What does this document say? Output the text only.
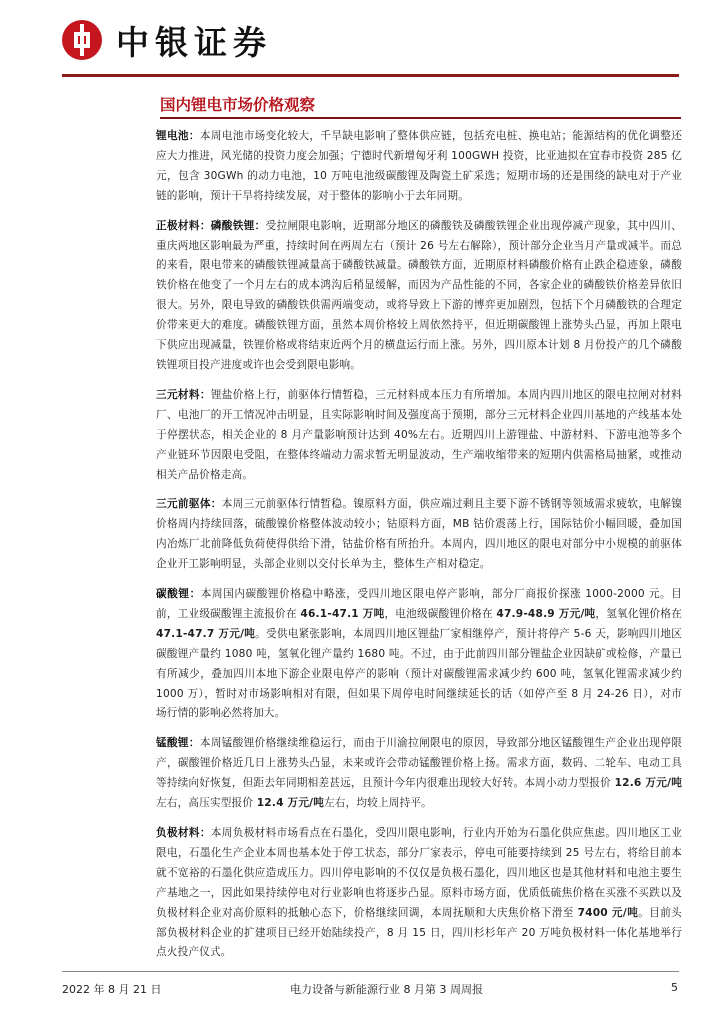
中银证券
国内锂电市场价格观察

锂电池：本周电池市场变化较大，千旱缺电影响了整体供应链，包括充电桩、换电站；能源结构的优化调整还应大力推进，风光储的投资力度会加强；宁德时代新增匈牙利 100GWH 投资，比亚迪拟在宜春市投资 285 亿元，包含 30GWh 的动力电池，10 万吨电池级碳酸锂及陶瓷土矿采选；短期市场的还是围绕的缺电对于产业链的影响，预计干旱将持续发展，对于整体的影响小于去年同期。

正极材料：磷酸铁锂：受拉闸限电影响，近期部分地区的磷酸铁及磷酸铁锂企业出现停减产现象，其中四川、重庆两地区影响最为严重，持续时间在两周左右（预计 26 号左右解除），预计部分企业当月产量或减半。而总的来看，限电带来的磷酸铁锂减量高于磷酸铁减量。磷酸铁方面，近期原材料磷酸价格有止跌企稳迹象，磷酸铁价格在他变了一个月左右的成本鸿沟后稍显缓解，而因为产品性能的不同，各家企业的磷酸铁价格差异依旧很大。另外，限电导致的磷酸铁供需两端变动，或将导致上下游的博弈更加剧烈，包括下个月磷酸铁的合理定价带来更大的难度。磷酸铁锂方面，虽然本周价格较上周依然持平，但近期碳酸锂上涨势头凸显，再加上限电下供应出现减量，铁锂价格或将结束近两个月的横盘运行而上涨。另外，四川原本计划 8 月份投产的几个磷酸铁锂项目投产进度或许也会受到限电影响。

三元材料：锂盐价格上行，前驱体行情暂稳，三元材料成本压力有所增加。本周内四川地区的限电拉闸对材料厂、电池厂的开工情况冲击明显，且实际影响时间及强度高于预期，部分三元材料企业四川基地的产线基本处于停摆状态，相关企业的 8 月产量影响预计达到 40%左右。近期四川上游锂盐、中游材料、下游电池等多个产业链环节因限电受阻，在整体终端动力需求暂无明显波动，生产端收缩带来的短期内供需格局抽紧，或推动相关产品价格走高。

三元前驱体：本周三元前驱体行情暂稳。镍原料方面，供应端过剩且主要下游不锈钢等领域需求疲软，电解镍价格周内持续回落，硫酸镍价格整体波动较小；钴原料方面，MB 钴价震荡上行，国际钴价小幅回暖，叠加国内冶炼厂北前降低负荷使得供给下滑，钴盐价格有所抬升。本周内，四川地区的限电对部分中小规模的前驱体企业开工影响明显，头部企业则以交付长单为主，整体生产相对稳定。

碳酸锂：本周国内碳酸锂价格稳中略涨，受四川地区限电停产影响，部分厂商报价探涨 1000-2000 元。目前，工业级碳酸锂主流报价在 46.1-47.1 万吨，电池级碳酸锂价格在 47.9-48.9 万元/吨，氢氧化锂价格在 47.1-47.7 万元/吨。受供电紧张影响，本周四川地区锂盐厂家相继停产，预计将停产 5-6 天，影响四川地区碳酸锂产量约 1080 吨，氢氧化锂产量约 1680 吨。不过，由于此前四川部分锂盐企业因缺矿或检修，产量已有所减少，叠加四川本地下游企业限电停产的影响（预计对碳酸锂需求减少约 600 吨，氢氧化锂需求减少约 1000 万），暂时对市场影响相对有限，但如果下周停电时间继续延长的话（如停产至 8 月 24-26 日），对市场行情的影响必然将加大。

锰酸锂：本周锰酸锂价格继续维稳运行，而由于川渝拉闸限电的原因，导致部分地区锰酸锂生产企业出现停限产，碳酸锂价格近几日上涨势头凸显，未来或许会带动锰酸锂价格上扬。需求方面，数码、二轮车、电动工具等持续向好恢复，但距去年同期相差甚远，且预计今年内很难出现较大好转。本周小动力型报价 12.6 万元/吨左右，高压实型报价 12.4 万元/吨左右，均较上周持平。

负极材料：本周负极材料市场看点在石墨化，受四川限电影响，行业内开始为石墨化供应焦虑。四川地区工业限电，石墨化生产企业本周也基本处于停工状态，部分厂家表示，停电可能要持续到 25 号左右，将给目前本就不宽裕的石墨化供应造成压力。四川停电影响的不仅仅是负极石墨化，四川地区也是其他材料和电池主要生产基地之一，因此如果持续停电对行业影响也将逐步凸显。原料市场方面，优质低硫焦价格在买涨不买跌以及负极材料企业对高价原料的抵触心态下，价格继续回调，本周抚顺和大庆焦价格下滑至 7400 元/吨。目前头部负极材料企业的扩建项目已经开始陆续投产，8 月 15 日，四川杉杉年产 20 万吨负极材料一体化基地举行点火投产仪式。

2022 年 8 月 21 日	电力设备与新能源行业 8 月第 3 周周报	5
